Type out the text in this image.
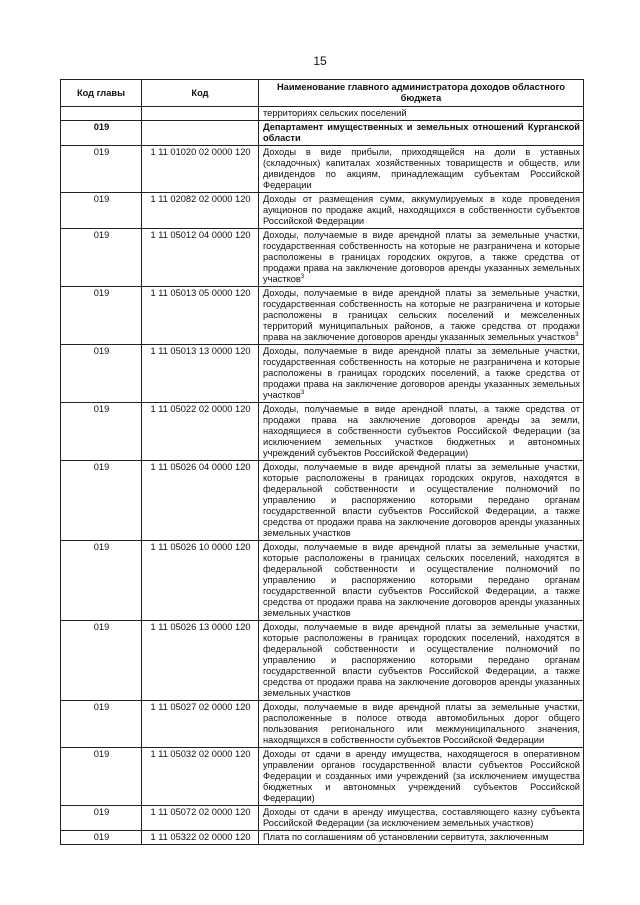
15
Код главы	Код	Наименование главного администратора доходов областного бюджета
		территориях сельских поселений
019		Департамент имущественных и земельных отношений Курганской области
019	1 11 01020 02 0000 120	Доходы в виде прибыли, приходящейся на доли в уставных (складочных) капиталах хозяйственных товариществ и обществ, или дивидендов по акциям, принадлежащим субъектам Российской Федерации
019	1 11 02082 02 0000 120	Доходы от размещения сумм, аккумулируемых в ходе проведения аукционов по продаже акций, находящихся в собственности субъектов Российской Федерации
019	1 11 05012 04 0000 120	Доходы, получаемые в виде арендной платы за земельные участки, государственная собственность на которые не разграничена и которые расположены в границах городских округов, а также средства от продажи права на заключение договоров аренды указанных земельных участков$^3$
019	1 11 05013 05 0000 120	Доходы, получаемые в виде арендной платы за земельные участки, государственная собственность на которые не разграничена и которые расположены в границах сельских поселений и межселенных территорий муниципальных районов, а также средства от продажи права на заключение договоров аренды указанных земельных участков$^3$
019	1 11 05013 13 0000 120	Доходы, получаемые в виде арендной платы за земельные участки, государственная собственность на которые не разграничена и которые расположены в границах городских поселений, а также средства от продажи права на заключение договоров аренды указанных земельных участков$^3$
019	1 11 05022 02 0000 120	Доходы, получаемые в виде арендной платы, а также средства от продажи права на заключение договоров аренды за земли, находящиеся в собственности субъектов Российской Федерации (за исключением земельных участков бюджетных и автономных учреждений субъектов Российской Федерации)
019	1 11 05026 04 0000 120	Доходы, получаемые в виде арендной платы за земельные участки, которые расположены в границах городских округов, находятся в федеральной собственности и осуществление полномочий по управлению и распоряжению которыми передано органам государственной власти субъектов Российской Федерации, а также средства от продажи права на заключение договоров аренды указанных земельных участков
019	1 11 05026 10 0000 120	Доходы, получаемые в виде арендной платы за земельные участки, которые расположены в границах сельских поселений, находятся в федеральной собственности и осуществление полномочий по управлению и распоряжению которыми передано органам государственной власти субъектов Российской Федерации, а также средства от продажи права на заключение договоров аренды указанных земельных участков
019	1 11 05026 13 0000 120	Доходы, получаемые в виде арендной платы за земельные участки, которые расположены в границах городских поселений, находятся в федеральной собственности и осуществление полномочий по управлению и распоряжению которыми передано органам государственной власти субъектов Российской Федерации, а также средства от продажи права на заключение договоров аренды указанных земельных участков
019	1 11 05027 02 0000 120	Доходы, получаемые в виде арендной платы за земельные участки, расположенные в полосе отвода автомобильных дорог общего пользования регионального или межмуниципального значения, находящихся в собственности субъектов Российской Федерации
019	1 11 05032 02 0000 120	Доходы от сдачи в аренду имущества, находящегося в оперативном управлении органов государственной власти субъектов Российской Федерации и созданных ими учреждений (за исключением имущества бюджетных и автономных учреждений субъектов Российской Федерации)
019	1 11 05072 02 0000 120	Доходы от сдачи в аренду имущества, составляющего казну субъекта Российской Федерации (за исключением земельных участков)
019	1 11 05322 02 0000 120	Плата по соглашениям об установлении сервитута, заключенным
